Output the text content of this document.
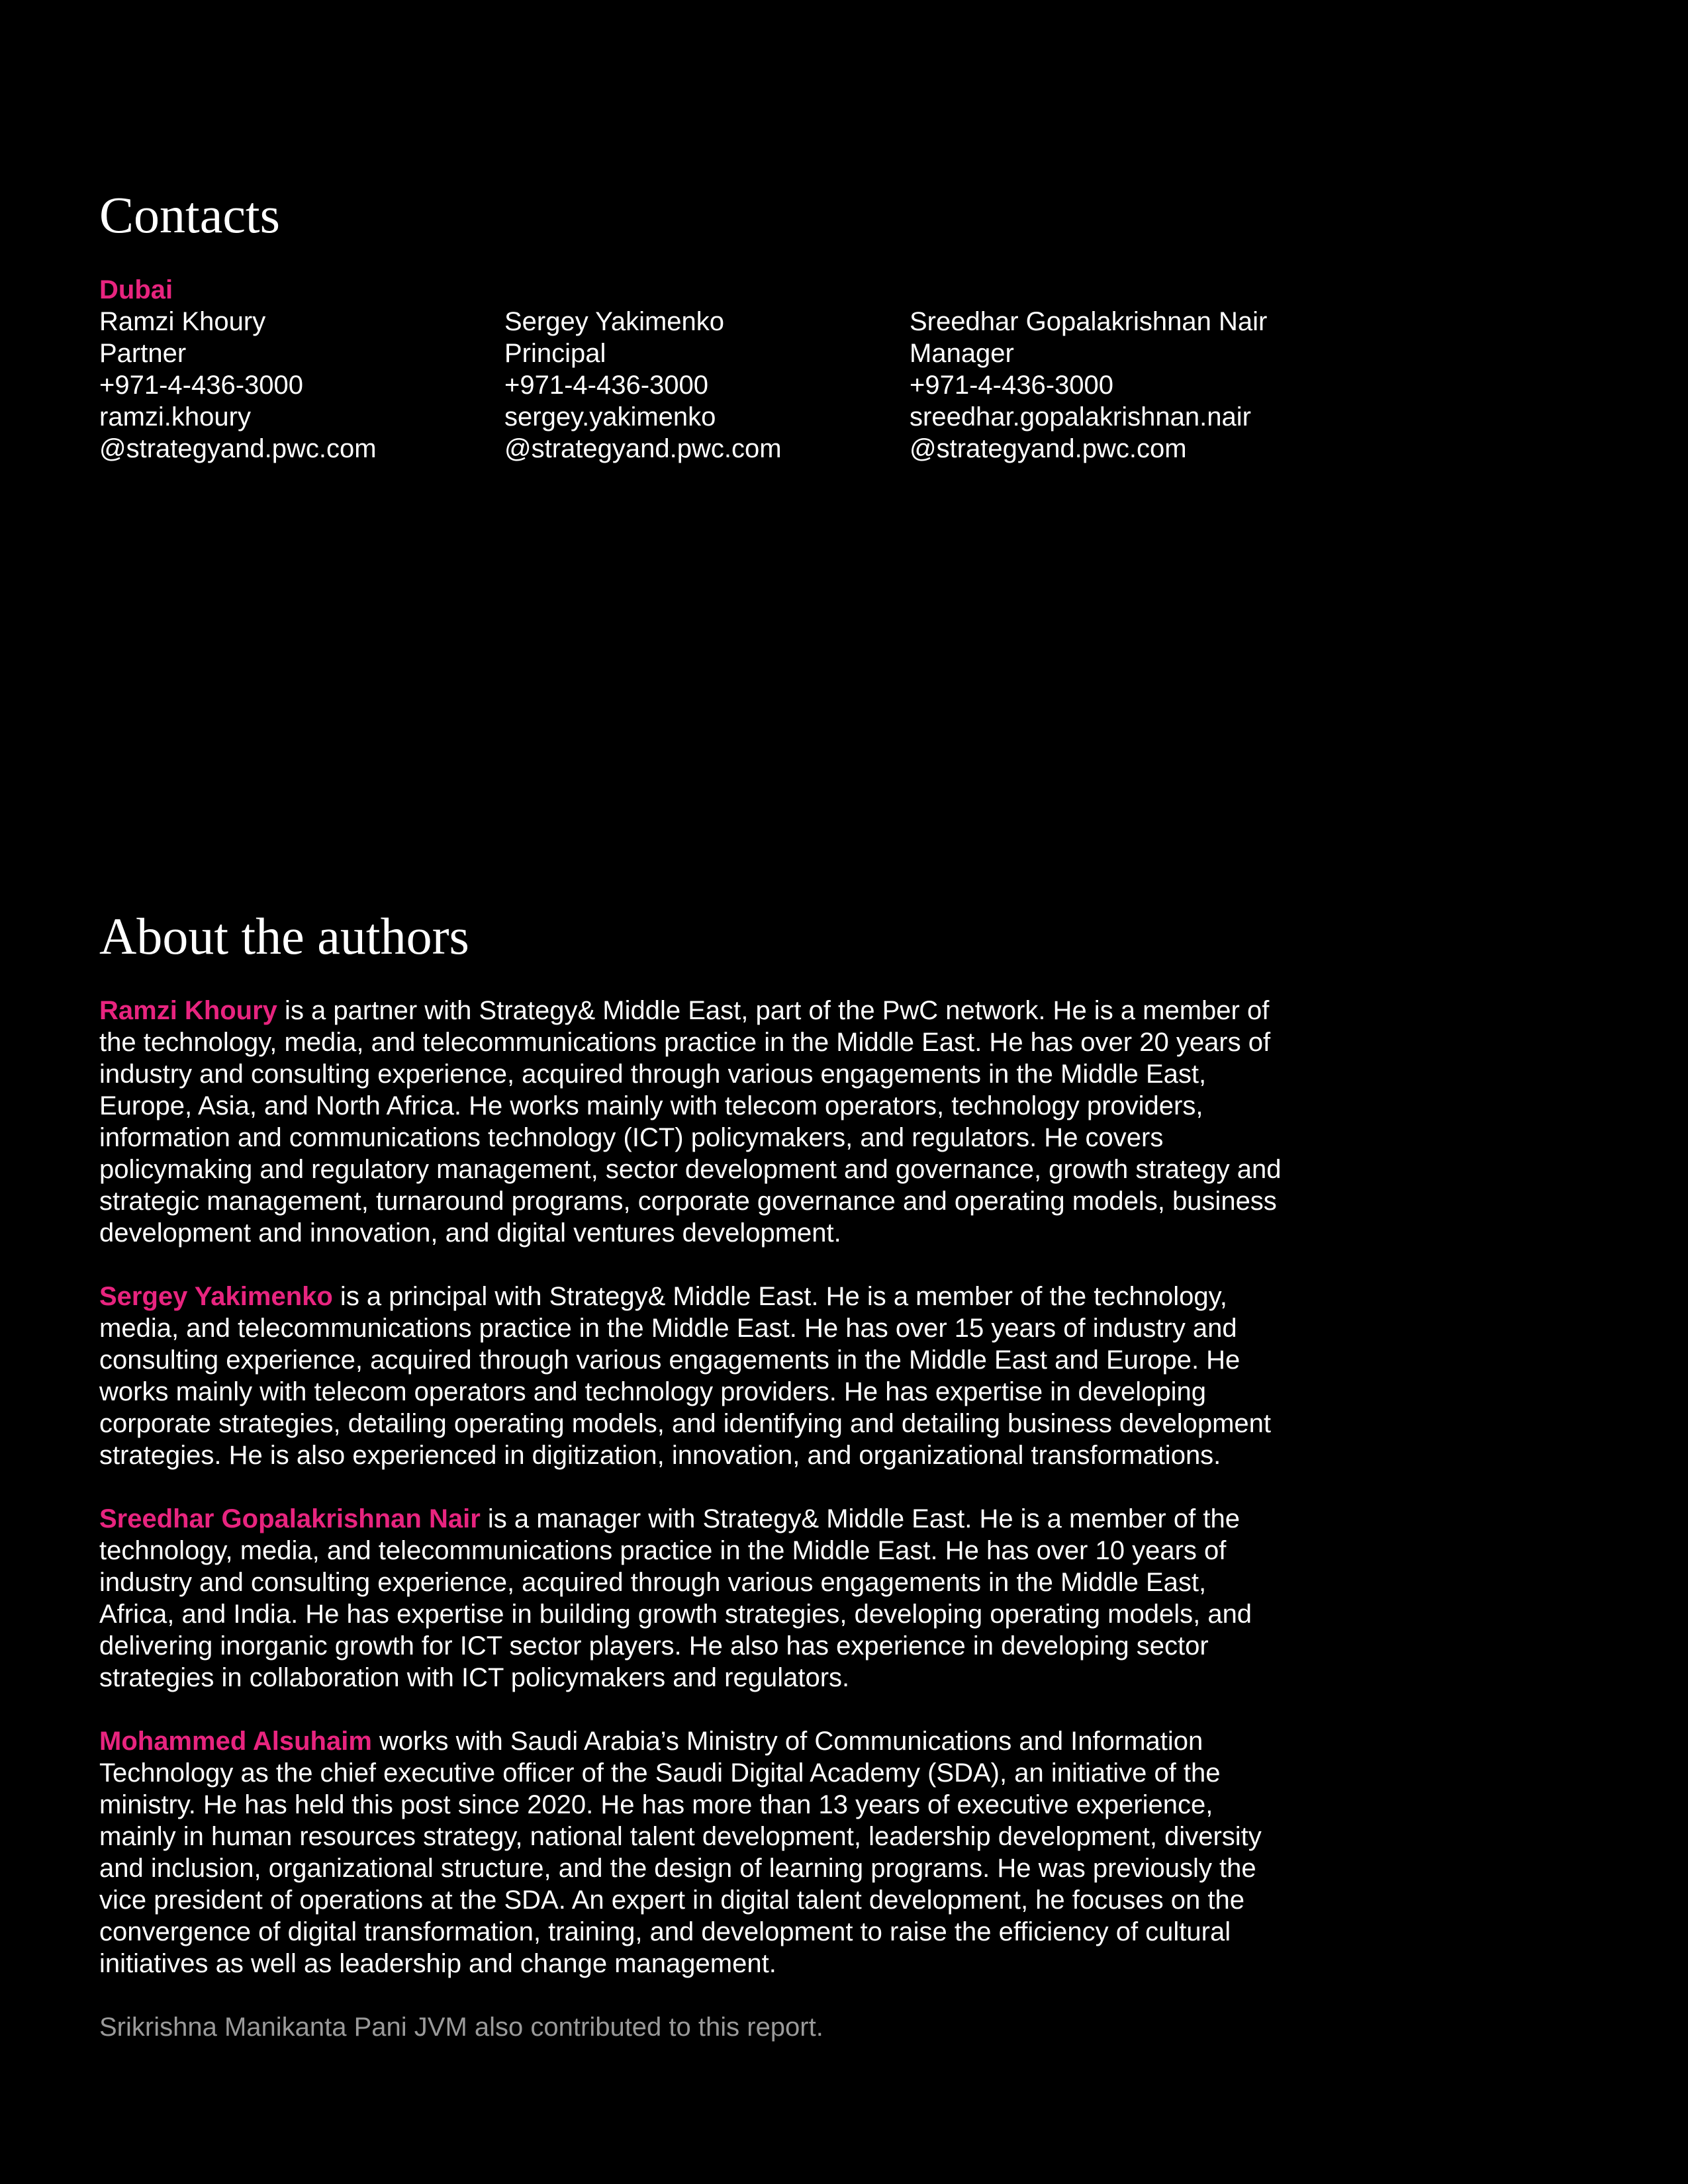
Contacts
Dubai
Ramzi Khoury
Partner
+971-4-436-3000
ramzi.khoury
@strategyand.pwc.com
Sergey Yakimenko
Principal
+971-4-436-3000
sergey.yakimenko
@strategyand.pwc.com
Sreedhar Gopalakrishnan Nair
Manager
+971-4-436-3000
sreedhar.gopalakrishnan.nair
@strategyand.pwc.com
About the authors

Ramzi Khoury is a partner with Strategy& Middle East, part of the PwC network. He is a member of the technology, media, and telecommunications practice in the Middle East. He has over 20 years of industry and consulting experience, acquired through various engagements in the Middle East, Europe, Asia, and North Africa. He works mainly with telecom operators, technology providers, information and communications technology (ICT) policymakers, and regulators. He covers policymaking and regulatory management, sector development and governance, growth strategy and strategic management, turnaround programs, corporate governance and operating models, business development and innovation, and digital ventures development.

Sergey Yakimenko is a principal with Strategy& Middle East. He is a member of the technology, media, and telecommunications practice in the Middle East. He has over 15 years of industry and consulting experience, acquired through various engagements in the Middle East and Europe. He works mainly with telecom operators and technology providers. He has expertise in developing corporate strategies, detailing operating models, and identifying and detailing business development strategies. He is also experienced in digitization, innovation, and organizational transformations.

Sreedhar Gopalakrishnan Nair is a manager with Strategy& Middle East. He is a member of the technology, media, and telecommunications practice in the Middle East. He has over 10 years of industry and consulting experience, acquired through various engagements in the Middle East, Africa, and India. He has expertise in building growth strategies, developing operating models, and delivering inorganic growth for ICT sector players. He also has experience in developing sector strategies in collaboration with ICT policymakers and regulators.

Mohammed Alsuhaim works with Saudi Arabia’s Ministry of Communications and Information Technology as the chief executive officer of the Saudi Digital Academy (SDA), an initiative of the ministry. He has held this post since 2020. He has more than 13 years of executive experience, mainly in human resources strategy, national talent development, leadership development, diversity and inclusion, organizational structure, and the design of learning programs. He was previously the vice president of operations at the SDA. An expert in digital talent development, he focuses on the convergence of digital transformation, training, and development to raise the efficiency of cultural initiatives as well as leadership and change management.

Srikrishna Manikanta Pani JVM also contributed to this report.
